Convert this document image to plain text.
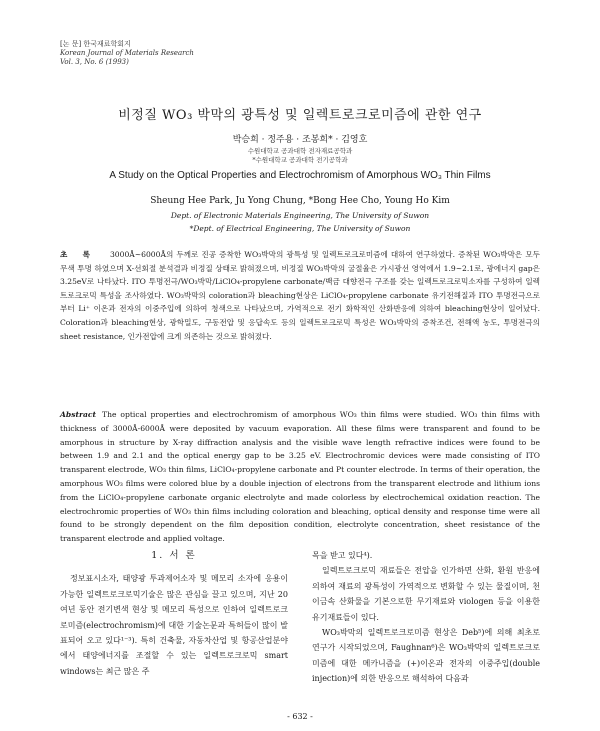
[논 문] 한국재료학회지
Korean Journal of Materials Research
Vol. 3, No. 6 (1993)
비정질 WO₃ 박막의 광특성 및 일렉트로크로미즘에 관한 연구
박승희 · 정주용 · 조봉희* · 김영호
수원대학교 공과대학 전자재료공학과
*수원대학교 공과대학 전기공학과
A Study on the Optical Properties and Electrochromism of Amorphous WO₃ Thin Films
Sheung Hee Park, Ju Yong Chung, *Bong Hee Cho, Young Ho Kim
Dept. of Electronic Materials Engineering, The University of Suwon
*Dept. of Electrical Engineering, The University of Suwon
초 록 3000Å~6000Å의 두께로 진공 증착한 WO₃박막의 광특성 및 일렉트로크로미즘에 대하여 연구하였다. 증착된 WO₃박막은 모두 무색 투명 하였으며 X-선회절 분석결과 비정질 상태로 밝혀졌으며, 비정질 WO₃박막의 굴절율은 가시광선 영역에서 1.9~2.1로, 광에너지 gap은 3.25eV로 나타났다. ITO 투명전극/WO₃박막/LiClO₄-propylene carbonate/백금 대향전극 구조를 갖는 일렉트로크로믹소자를 구성하여 일렉트로크로믹 특성을 조사하였다. WO₃박막의 coloration과 bleaching현상은 LiClO₄-propylene carbonate 유기전해질과 ITO 투명전극으로 부터 Li⁺ 이온과 전자의 이중주입에 의하여 청색으로 나타났으며, 가역적으로 전기 화학적인 산화반응에 의하여 bleaching현상이 일어났다. Coloration과 bleaching현상, 광학밀도, 구동전압 및 응답속도 등의 일렉트로크로믹 특성은 WO₃박막의 증착조건, 전해액 농도, 투명전극의 sheet resistance, 인가전압에 크게 의존하는 것으로 밝혀졌다.
Abstract The optical properties and electrochromism of amorphous WO₃ thin films were studied. WO₃ thin films with thickness of 3000Å-6000Å were deposited by vacuum evaporation. All these films were transparent and found to be amorphous in structure by X-ray diffraction analysis and the visible wave length refractive indices were found to be between 1.9 and 2.1 and the optical energy gap to be 3.25 eV. Electrochromic devices were made consisting of ITO transparent electrode, WO₃ thin films, LiClO₄-propylene carbonate and Pt counter electrode. In terms of their operation, the amorphous WO₃ films were colored blue by a double injection of electrons from the transparent electrode and lithium ions from the LiClO₄-propylene carbonate organic electrolyte and made colorless by electrochemical oxidation reaction. The electrochromic properties of WO₃ thin films including coloration and bleaching, optical density and response time were all found to be strongly dependent on the film deposition condition, electrolyte concentration, sheet resistance of the transparent electrode and applied voltage.
1. 서 론

정보표시소자, 태양광 투과제어소자 및 메모리 소자에 응용이 가능한 일렉트로크로믹기술은 많은 관심을 끌고 있으며, 지난 20여년 동안 전기변색 현상 및 메모리 특성으로 인하여 일렉트로크로미즘(electrochromism)에 대한 기술논문과 특허들이 많이 발표되어 오고 있다¹⁻³). 특히 건축물, 자동차산업 및 항공산업분야에서 태양에너지를 조절할 수 있는 일렉트로크로믹 smart windows는 최근 많은 주

목을 받고 있다⁴).

일렉트로크로믹 재료들은 전압을 인가하면 산화, 환원 반응에 의하여 재료의 광특성이 가역적으로 변화할 수 있는 물질이며, 천이금속 산화물을 기본으로한 무기재료와 viologen 등을 이용한 유기재료들이 있다.

WO₃박막의 일렉트로크로미즘 현상은 Deb⁵)에 의해 최초로 연구가 시작되었으며, Faughnan⁶)은 WO₃박막의 일렉트로크로미즘에 대한 메카니즘을 (+)이온과 전자의 이중주입(double injection)에 의한 반응으로 해석하여 다음과

- 632 -
